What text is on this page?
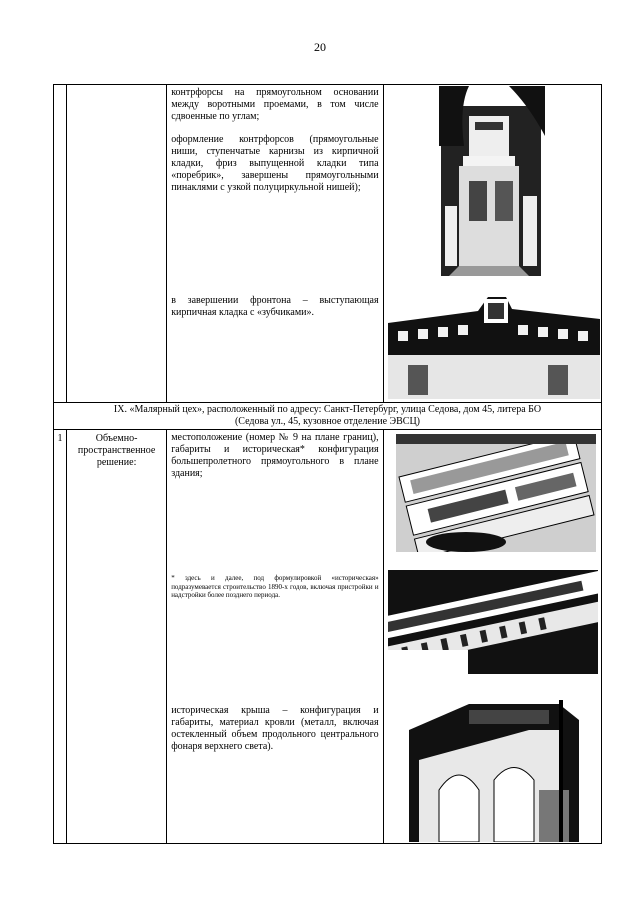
20

		контрфорсы на прямоугольном основании между воротными проемами, в том числе сдвоенные по углам;
оформление контрфорсов (прямоугольные ниши, ступенчатые карнизы из кирпичной кладки, фриз выпущенной кладки типа «поребрик», завершены прямоугольными пинаклями с узкой полуциркульной нишей);
в завершении фронтона – выступающая кирпичная кладка с «зубчиками».

IX. «Малярный цех», расположенный по адресу: Санкт-Петербург, улица Седова, дом 45, литера БО
(Седова ул., 45, кузовное отделение ЭВСЦ)			

1	Объемно-пространственное решение:	местоположение (номер № 9 на плане границ), габариты и историческая* конфигурация большепролетного прямоугольного в плане здания;
* здесь и далее, под формулировкой «историческая» подразумевается строительство 1890-х годов, включая пристройки и надстройки более позднего периода.
историческая крыша – конфигурация и габариты, материал кровли (металл, включая остекленный объем продольного центрального фонаря верхнего света).
